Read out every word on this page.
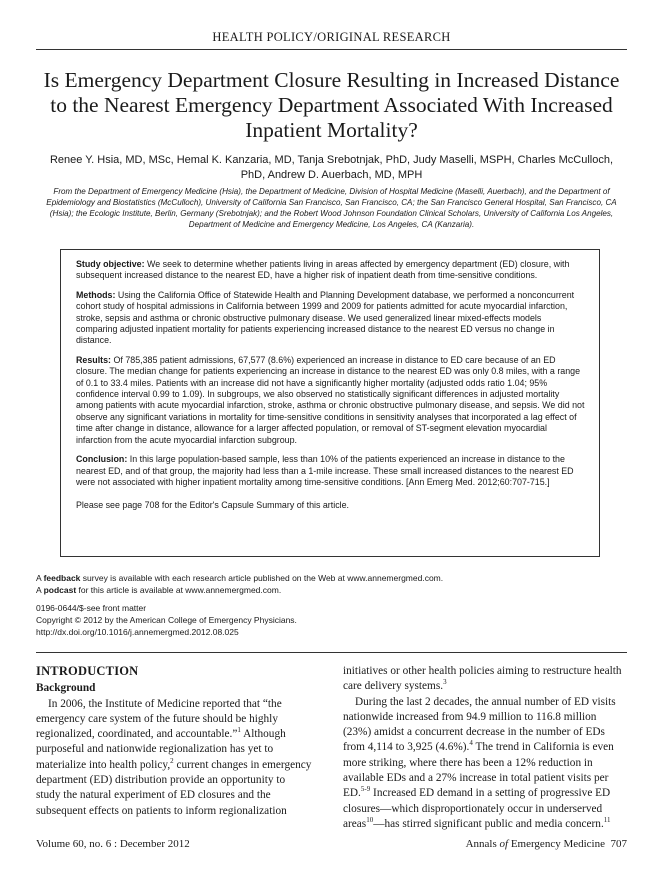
HEALTH POLICY/ORIGINAL RESEARCH
Is Emergency Department Closure Resulting in Increased Distance to the Nearest Emergency Department Associated With Increased Inpatient Mortality?
Renee Y. Hsia, MD, MSc, Hemal K. Kanzaria, MD, Tanja Srebotnjak, PhD, Judy Maselli, MSPH, Charles McCulloch, PhD, Andrew D. Auerbach, MD, MPH
From the Department of Emergency Medicine (Hsia), the Department of Medicine, Division of Hospital Medicine (Maselli, Auerbach), and the Department of Epidemiology and Biostatistics (McCulloch), University of California San Francisco, San Francisco, CA; the San Francisco General Hospital, San Francisco, CA (Hsia); the Ecologic Institute, Berlin, Germany (Srebotnjak); and the Robert Wood Johnson Foundation Clinical Scholars, University of California Los Angeles, Department of Medicine and Emergency Medicine, Los Angeles, CA (Kanzaria).

Study objective: We seek to determine whether patients living in areas affected by emergency department (ED) closure, with subsequent increased distance to the nearest ED, have a higher risk of inpatient death from time-sensitive conditions.

Methods: Using the California Office of Statewide Health and Planning Development database, we performed a nonconcurrent cohort study of hospital admissions in California between 1999 and 2009 for patients admitted for acute myocardial infarction, stroke, sepsis and asthma or chronic obstructive pulmonary disease. We used generalized linear mixed-effects models comparing adjusted inpatient mortality for patients experiencing increased distance to the nearest ED versus no change in distance.

Results: Of 785,385 patient admissions, 67,577 (8.6%) experienced an increase in distance to ED care because of an ED closure. The median change for patients experiencing an increase in distance to the nearest ED was only 0.8 miles, with a range of 0.1 to 33.4 miles. Patients with an increase did not have a significantly higher mortality (adjusted odds ratio 1.04; 95% confidence interval 0.99 to 1.09). In subgroups, we also observed no statistically significant differences in adjusted mortality among patients with acute myocardial infarction, stroke, asthma or chronic obstructive pulmonary disease, and sepsis. We did not observe any significant variations in mortality for time-sensitive conditions in sensitivity analyses that incorporated a lag effect of time after change in distance, allowance for a larger affected population, or removal of ST-segment elevation myocardial infarction from the acute myocardial infarction subgroup.

Conclusion: In this large population-based sample, less than 10% of the patients experienced an increase in distance to the nearest ED, and of that group, the majority had less than a 1-mile increase. These small increased distances to the nearest ED were not associated with higher inpatient mortality among time-sensitive conditions. [Ann Emerg Med. 2012;60:707-715.]

Please see page 708 for the Editor's Capsule Summary of this article.

A feedback survey is available with each research article published on the Web at www.annemergmed.com.
A podcast for this article is available at www.annemergmed.com.
0196-0644/$-see front matter
Copyright © 2012 by the American College of Emergency Physicians.
http://dx.doi.org/10.1016/j.annemergmed.2012.08.025
INTRODUCTION
Background

In 2006, the Institute of Medicine reported that “the emergency care system of the future should be highly regionalized, coordinated, and accountable.”$^1$ Although purposeful and nationwide regionalization has yet to materialize into health policy,$^2$ current changes in emergency department (ED) distribution provide an opportunity to study the natural experiment of ED closures and the subsequent effects on patients to inform regionalization

initiatives or other health policies aiming to restructure health care delivery systems.$^3$

During the last 2 decades, the annual number of ED visits nationwide increased from 94.9 million to 116.8 million (23%) amidst a concurrent decrease in the number of EDs from 4,114 to 3,925 (4.6%).$^4$ The trend in California is even more striking, where there has been a 12% reduction in available EDs and a 27% increase in total patient visits per ED.$^{5-9}$ Increased ED demand in a setting of progressive ED closures—which disproportionately occur in underserved areas$^{10}$—has stirred significant public and media concern.$^{11}$

Volume 60, no. 6 : December 2012	Annals of Emergency Medicine 707
